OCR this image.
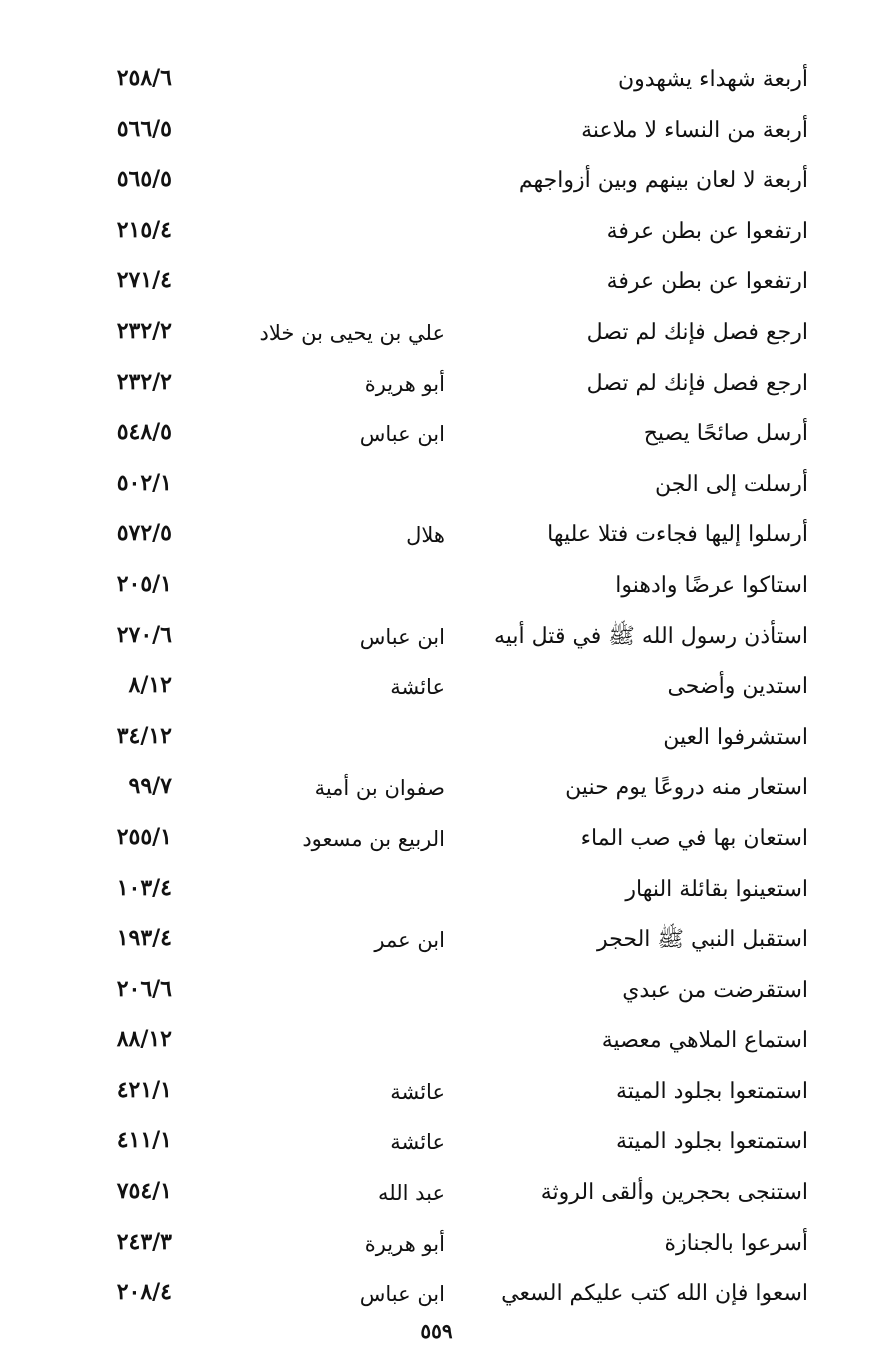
أربعة شهداء يشهدون
٢٥٨/٦
أربعة من النساء لا ملاعنة
٥٦٦/٥
أربعة لا لعان بينهم وبين أزواجهم
٥٦٥/٥
ارتفعوا عن بطن عرفة
٢١٥/٤
ارتفعوا عن بطن عرفة
٢٧١/٤
ارجع فصل فإنك لم تصل
علي بن يحيى بن خلاد
٢٣٢/٢
ارجع فصل فإنك لم تصل
أبو هريرة
٢٣٢/٢
أرسل صائحًا يصيح
ابن عباس
٥٤٨/٥
أرسلت إلى الجن
٥٠٢/١
أرسلوا إليها فجاءت فتلا عليها
هلال
٥٧٢/٥
استاكوا عرضًا وادهنوا
٢٠٥/١
استأذن رسول الله ﷺ في قتل أبيه
ابن عباس
٢٧٠/٦
استدين وأضحى
عائشة
٨/١٢
استشرفوا العين
٣٤/١٢
استعار منه دروعًا يوم حنين
صفوان بن أمية
٩٩/٧
استعان بها في صب الماء
الربيع بن مسعود
٢٥٥/١
استعينوا بقائلة النهار
١٠٣/٤
استقبل النبي ﷺ الحجر
ابن عمر
١٩٣/٤
استقرضت من عبدي
٢٠٦/٦
استماع الملاهي معصية
٨٨/١٢
استمتعوا بجلود الميتة
عائشة
٤٢١/١
استمتعوا بجلود الميتة
عائشة
٤١١/١
استنجى بحجرين وألقى الروثة
عبد الله
٧٥٤/١
أسرعوا بالجنازة
أبو هريرة
٢٤٣/٣
اسعوا فإن الله كتب عليكم السعي
ابن عباس
٢٠٨/٤
٥٥٩
